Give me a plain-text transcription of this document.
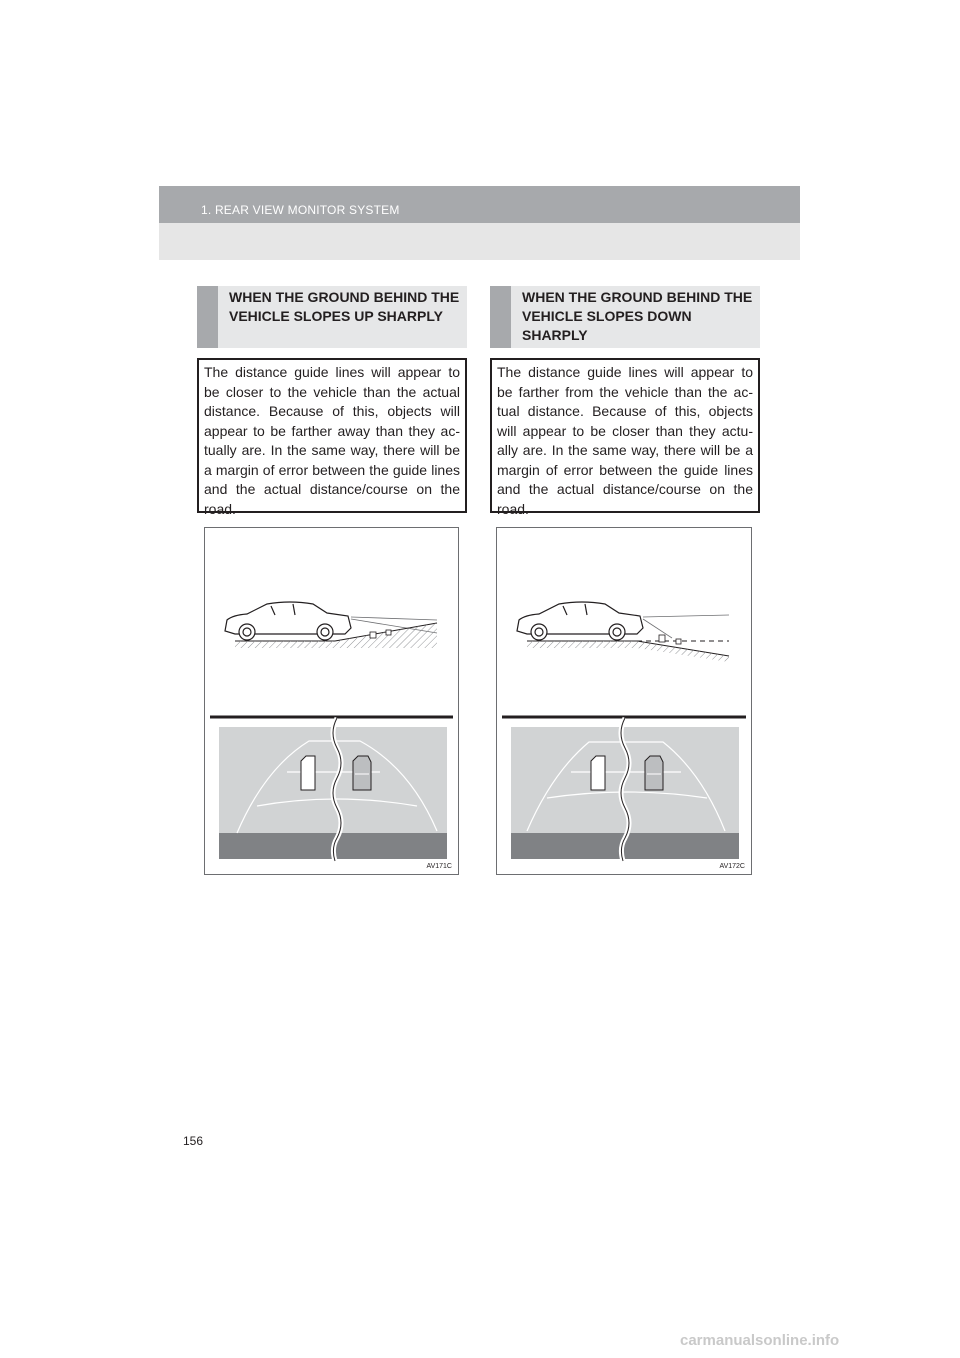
1. REAR VIEW MONITOR SYSTEM
WHEN THE GROUND BEHIND THE VEHICLE SLOPES UP SHARPLY

The distance guide lines will appear to be closer to the vehicle than the actual distance. Because of this, objects will appear to be farther away than they ac-tually are. In the same way, there will be a margin of error between the guide lines and the actual distance/course on the road.

AV171C
WHEN THE GROUND BEHIND THE VEHICLE SLOPES DOWN SHARPLY

The distance guide lines will appear to be farther from the vehicle than the ac-tual distance. Because of this, objects will appear to be closer than they actu-ally are. In the same way, there will be a margin of error between the guide lines and the actual distance/course on the road.

AV172C
156
carmanualsonline.info
